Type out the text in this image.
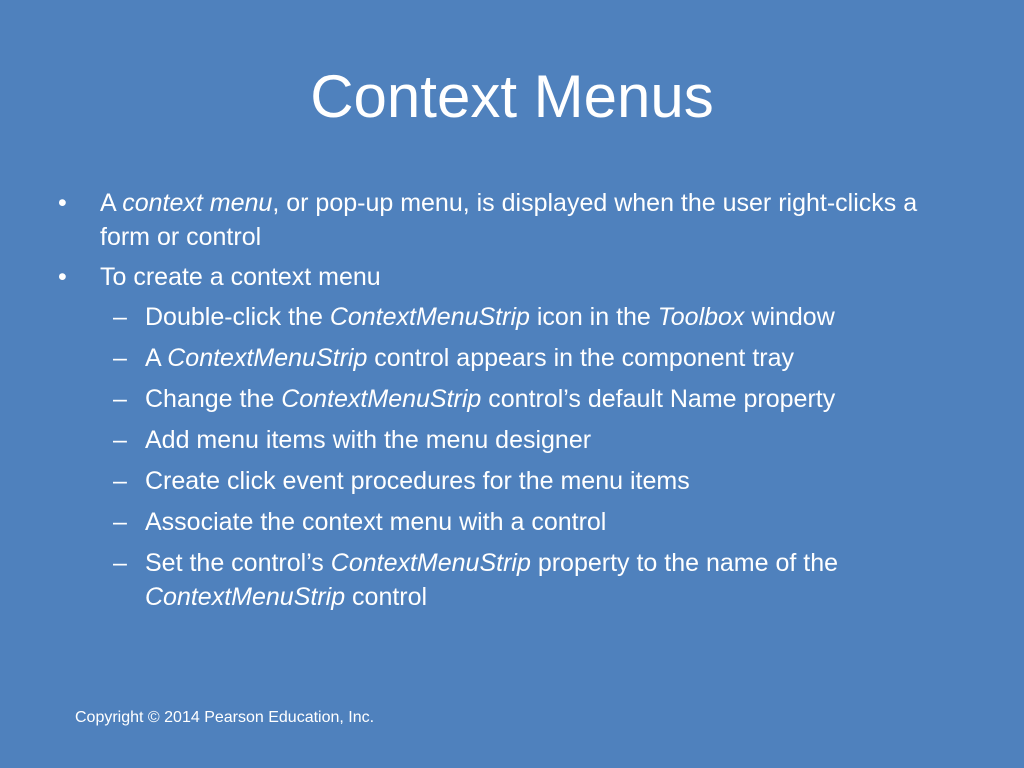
Context Menus
•	A context menu, or pop-up menu, is displayed when the user right-clicks a form or control
•	To create a context menu
– Double-click the ContextMenuStrip icon in the Toolbox window
– A ContextMenuStrip control appears in the component tray
– Change the ContextMenuStrip control’s default Name property
– Add menu items with the menu designer
– Create click event procedures for the menu items
– Associate the context menu with a control
– Set the control’s ContextMenuStrip property to the name of the ContextMenuStrip control
Copyright © 2014 Pearson Education, Inc.
